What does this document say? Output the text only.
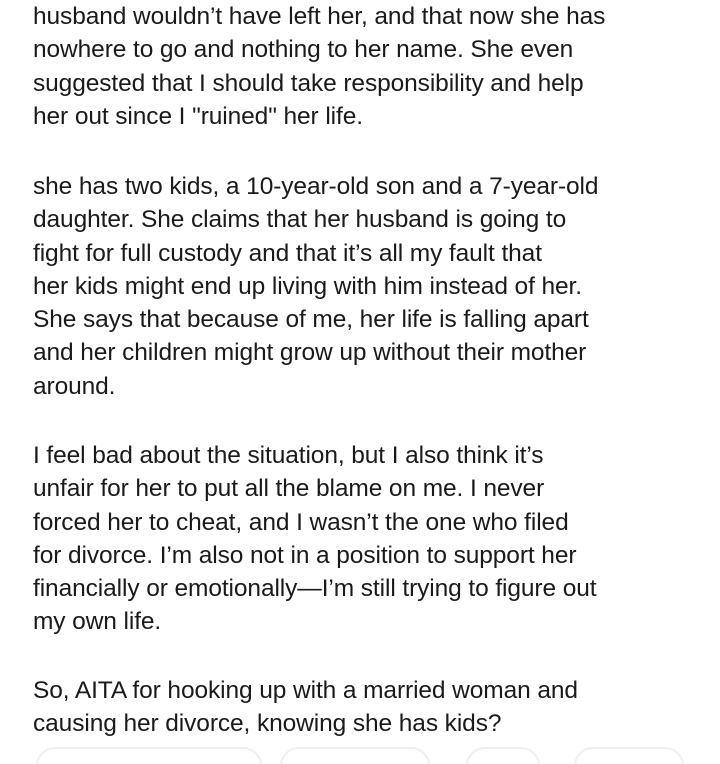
husband wouldn’t have left her, and that now she has
nowhere to go and nothing to her name. She even
suggested that I should take responsibility and help
her out since I "ruined" her life.

she has two kids, a 10-year-old son and a 7-year-old
daughter. She claims that her husband is going to
fight for full custody and that it’s all my fault that
her kids might end up living with him instead of her.
She says that because of me, her life is falling apart
and her children might grow up without their mother
around.

I feel bad about the situation, but I also think it’s
unfair for her to put all the blame on me. I never
forced her to cheat, and I wasn’t the one who filed
for divorce. I’m also not in a position to support her
financially or emotionally—I’m still trying to figure out
my own life.

So, AITA for hooking up with a married woman and
causing her divorce, knowing she has kids?
